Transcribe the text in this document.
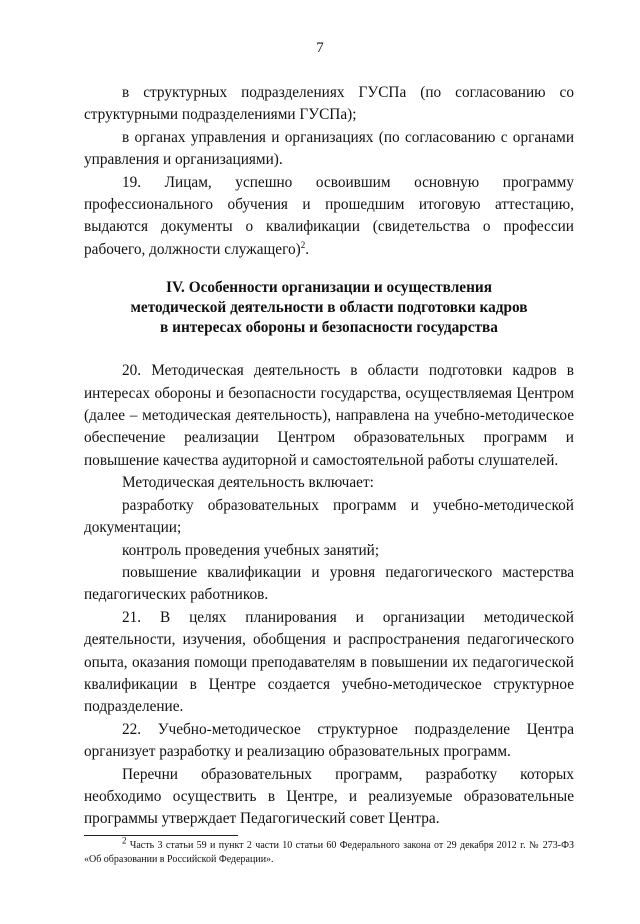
7

в структурных подразделениях ГУСПа (по согласованию со структурными подразделениями ГУСПа);

в органах управления и организациях (по согласованию с органами управления и организациями).

19. Лицам, успешно освоившим основную программу профессионального обучения и прошедшим итоговую аттестацию, выдаются документы о квалификации (свидетельства о профессии рабочего, должности служащего)$^2$.

IV. Особенности организации и осуществления
методической деятельности в области подготовки кадров
в интересах обороны и безопасности государства

20. Методическая деятельность в области подготовки кадров в интересах обороны и безопасности государства, осуществляемая Центром (далее – методическая деятельность), направлена на учебно-методическое обеспечение реализации Центром образовательных программ и повышение качества аудиторной и самостоятельной работы слушателей.

Методическая деятельность включает:

разработку образовательных программ и учебно-методической документации;

контроль проведения учебных занятий;

повышение квалификации и уровня педагогического мастерства педагогических работников.

21. В целях планирования и организации методической деятельности, изучения, обобщения и распространения педагогического опыта, оказания помощи преподавателям в повышении их педагогической квалификации в Центре создается учебно-методическое структурное подразделение.

22. Учебно-методическое структурное подразделение Центра организует разработку и реализацию образовательных программ.

Перечни образовательных программ, разработку которых необходимо осуществить в Центре, и реализуемые образовательные программы утверждает Педагогический совет Центра.

$^2$ Часть 3 статьи 59 и пункт 2 части 10 статьи 60 Федерального закона от 29 декабря 2012 г. № 273-ФЗ «Об образовании в Российской Федерации».
